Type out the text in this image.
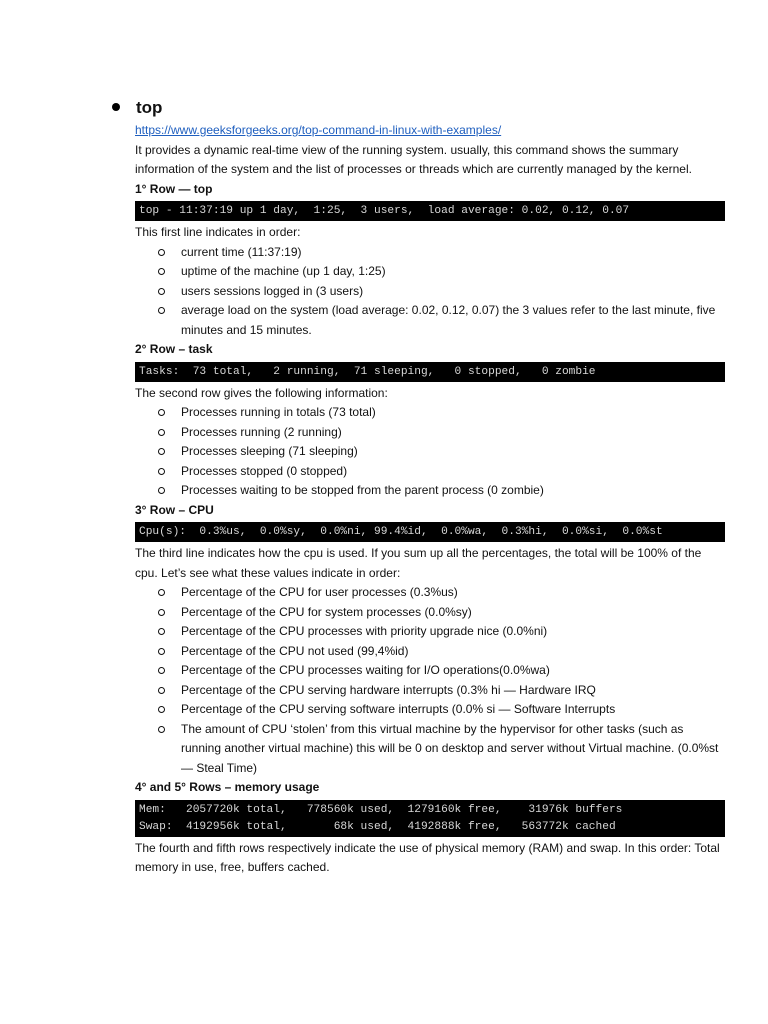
top

https://www.geeksforgeeks.org/top-command-in-linux-with-examples/

It provides a dynamic real-time view of the running system. usually, this command shows the summary information of the system and the list of processes or threads which are currently managed by the kernel.

1° Row — top

top - 11:37:19 up 1 day,  1:25,  3 users,  load average: 0.02, 0.12, 0.07

This first line indicates in order:

current time (11:37:19)
uptime of the machine (up 1 day, 1:25)
users sessions logged in (3 users)
average load on the system (load average: 0.02, 0.12, 0.07) the 3 values refer to the last minute, five minutes and 15 minutes.

2° Row – task

Tasks:  73 total,   2 running,  71 sleeping,   0 stopped,   0 zombie

The second row gives the following information:

Processes running in totals (73 total)
Processes running (2 running)
Processes sleeping (71 sleeping)
Processes stopped (0 stopped)
Processes waiting to be stopped from the parent process (0 zombie)

3° Row – CPU

Cpu(s):  0.3%us,  0.0%sy,  0.0%ni, 99.4%id,  0.0%wa,  0.3%hi,  0.0%si,  0.0%st

The third line indicates how the cpu is used. If you sum up all the percentages, the total will be 100% of the cpu. Let’s see what these values indicate in order:

Percentage of the CPU for user processes (0.3%us)
Percentage of the CPU for system processes (0.0%sy)
Percentage of the CPU processes with priority upgrade nice (0.0%ni)
Percentage of the CPU not used (99,4%id)
Percentage of the CPU processes waiting for I/O operations(0.0%wa)
Percentage of the CPU serving hardware interrupts (0.3% hi — Hardware IRQ
Percentage of the CPU serving software interrupts (0.0% si — Software Interrupts
The amount of CPU ‘stolen’ from this virtual machine by the hypervisor for other tasks (such as running another virtual machine) this will be 0 on desktop and server without Virtual machine. (0.0%st — Steal Time)

4° and 5° Rows – memory usage

Mem:   2057720k total,   778560k used,  1279160k free,    31976k buffers
Swap:  4192956k total,       68k used,  4192888k free,   563772k cached

The fourth and fifth rows respectively indicate the use of physical memory (RAM) and swap. In this order: Total memory in use, free, buffers cached.
